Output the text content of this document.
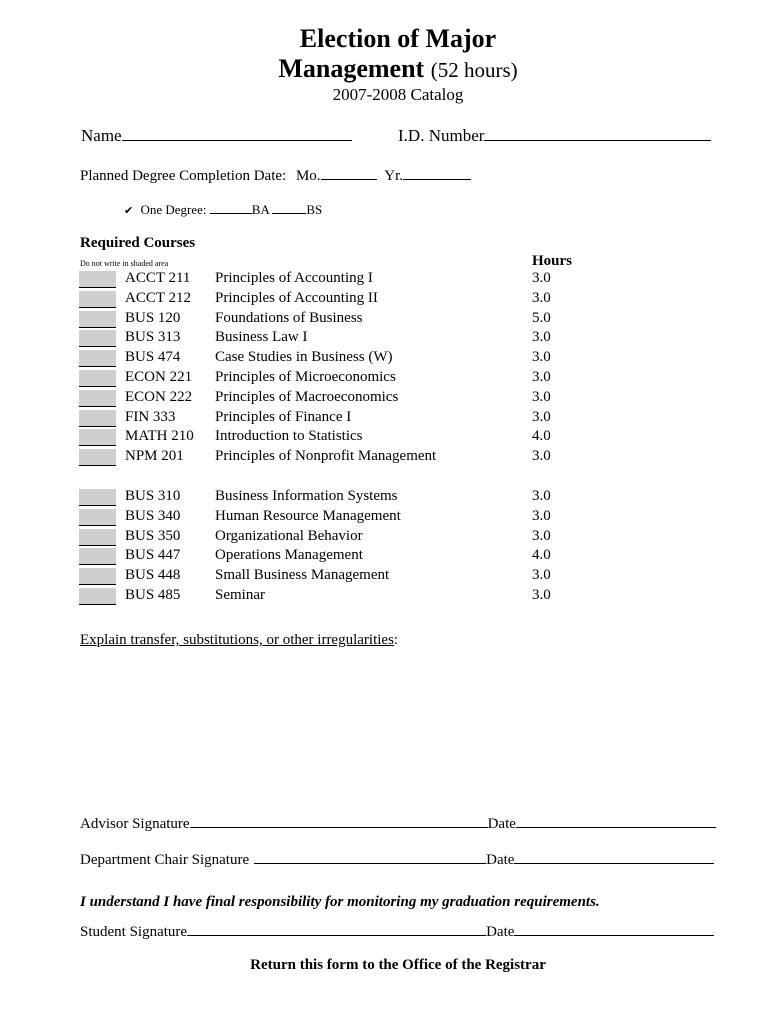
Election of Major
Management (52 hours)
2007-2008 Catalog
Name	I.D. Number
Planned Degree Completion Date: Mo.	Yr.
✔ One Degree:	BA	BS
Required Courses
Do not write in shaded area	Hours
ACCT 211 Principles of Accounting I	3.0
ACCT 212 Principles of Accounting II	3.0
BUS 120 Foundations of Business	5.0
BUS 313 Business Law I	3.0
BUS 474 Case Studies in Business (W)	3.0
ECON 221 Principles of Microeconomics	3.0
ECON 222 Principles of Macroeconomics	3.0
FIN 333	Principles of Finance I	3.0
MATH 210 Introduction to Statistics	4.0
NPM 201 Principles of Nonprofit Management	3.0
BUS 310 Business Information Systems	3.0
BUS 340 Human Resource Management	3.0
BUS 350 Organizational Behavior	3.0
BUS 447 Operations Management	4.0
BUS 448 Small Business Management	3.0
BUS 485 Seminar	3.0
Explain transfer, substitutions, or other irregularities:
Advisor Signature	Date
Department Chair Signature	Date
I understand I have final responsibility for monitoring my graduation requirements.
Student Signature	Date
Return this form to the Office of the Registrar
